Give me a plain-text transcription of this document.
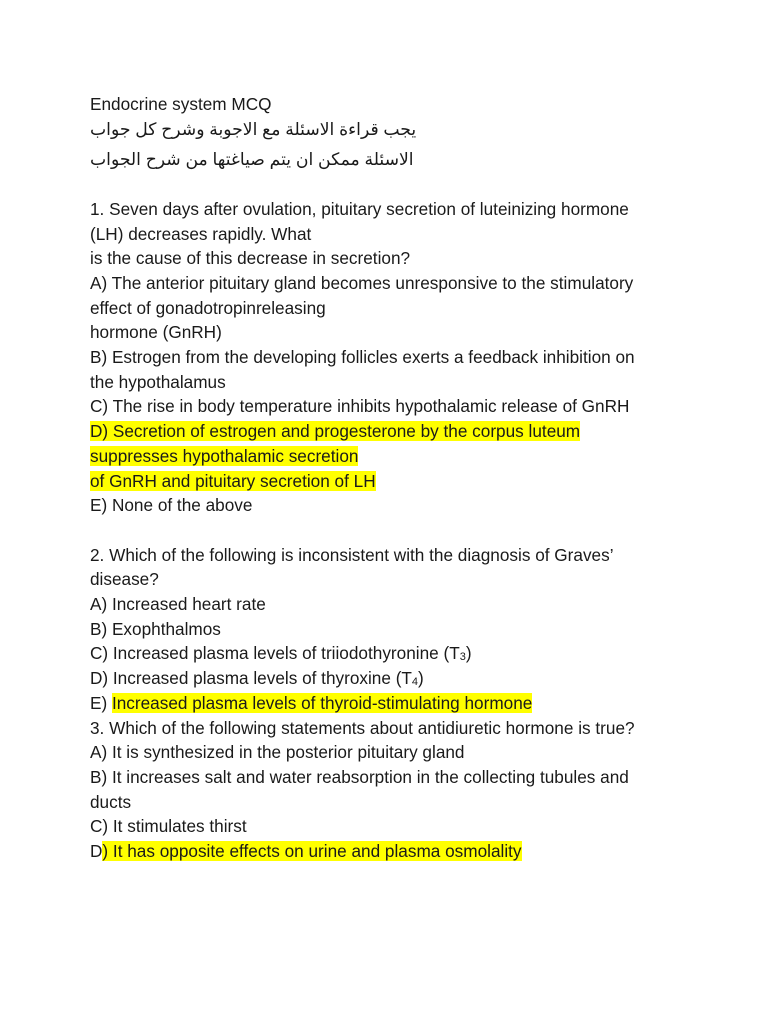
Endocrine system MCQ
يجب قراءة الاسئلة مع الاجوبة وشرح كل جواب
الاسئلة ممكن ان يتم صياغتها من شرح الجواب
1. Seven days after ovulation, pituitary secretion of luteinizing hormone
(LH) decreases rapidly. What
is the cause of this decrease in secretion?
A) The anterior pituitary gland becomes unresponsive to the stimulatory
effect of gonadotropinreleasing
hormone (GnRH)
B) Estrogen from the developing follicles exerts a feedback inhibition on
the hypothalamus
C) The rise in body temperature inhibits hypothalamic release of GnRH
D) Secretion of estrogen and progesterone by the corpus luteum
suppresses hypothalamic secretion
of GnRH and pituitary secretion of LH
E) None of the above
2. Which of the following is inconsistent with the diagnosis of Graves’
disease?
A) Increased heart rate
B) Exophthalmos
C) Increased plasma levels of triiodothyronine $(T_3)$
D) Increased plasma levels of thyroxine $(T_4)$
E) Increased plasma levels of thyroid-stimulating hormone
3. Which of the following statements about antidiuretic hormone is true?
A) It is synthesized in the posterior pituitary gland
B) It increases salt and water reabsorption in the collecting tubules and
ducts
C) It stimulates thirst
D) It has opposite effects on urine and plasma osmolality
